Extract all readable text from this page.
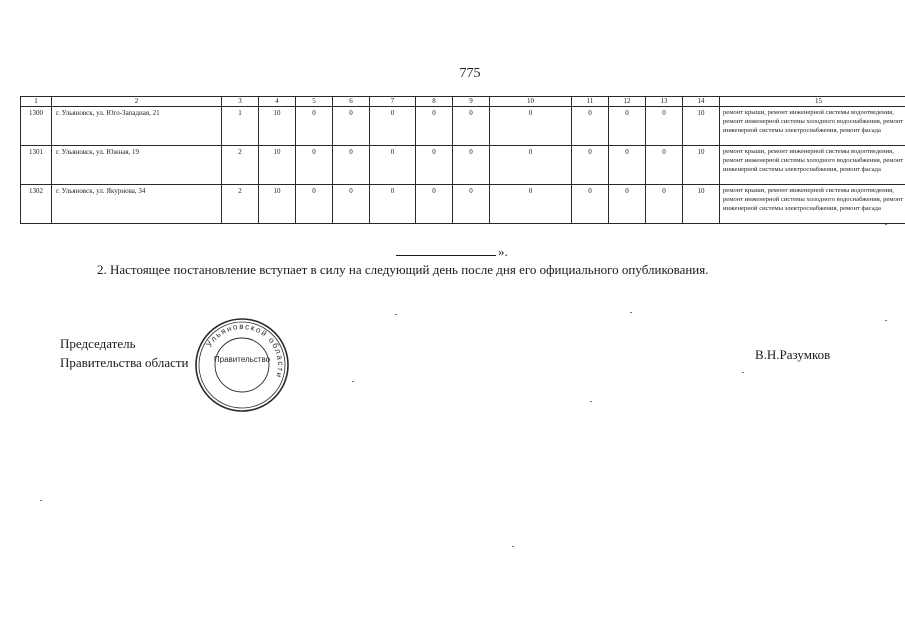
775
1	2	3	4	5	6	7	8	9	10	11	12	13	14	15
1300	г. Ульяновск, ул. Юго-Западная, 21	1	10	0	0	0	0	0	0	0	0	0	10	ремонт крыши, ремонт инженерной системы водоотведения, ремонт инженерной системы холодного водоснабжения, ремонт инженерной системы электроснабжения, ремонт фасада
1301	г. Ульяновск, ул. Южная, 19	2	10	0	0	0	0	0	0	0	0	0	10	ремонт крыши, ремонт инженерной системы водоотведения, ремонт инженерной системы холодного водоснабжения, ремонт инженерной системы электроснабжения, ремонт фасада
1302	г. Ульяновск, ул. Якурнова, 34	2	10	0	0	0	0	0	0	0	0	0	10	ремонт крыши, ремонт инженерной системы водоотведения, ремонт инженерной системы холодного водоснабжения, ремонт инженерной системы электроснабжения, ремонт фасада
».
2. Настоящее постановление вступает в силу на следующий день после дня его официального опубликования.
Председатель
Правительства области
В.Н.Разумков
Ульяновской области
Правительство
